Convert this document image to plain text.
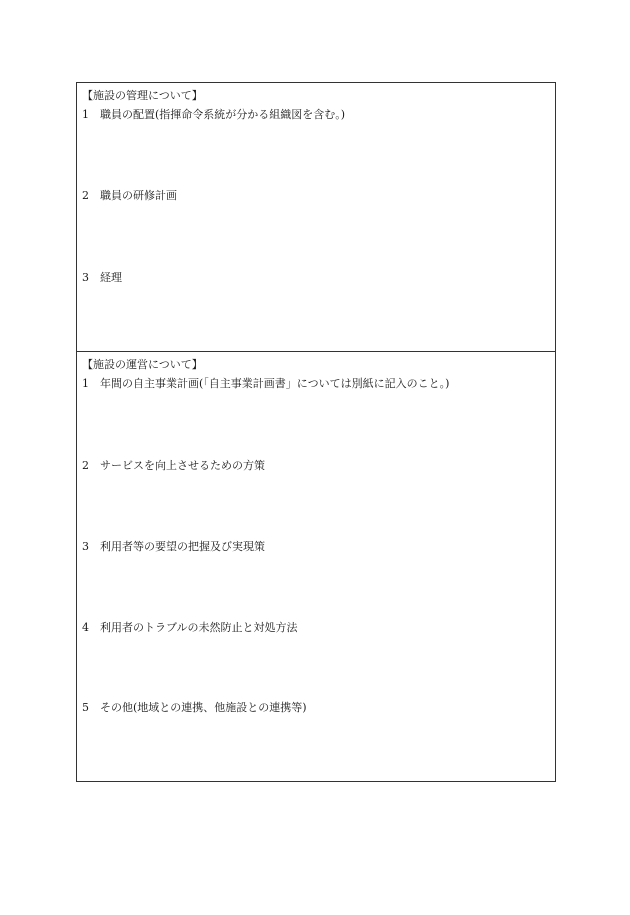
【施設の管理について】
1 職員の配置(指揮命令系統が分かる組織図を含む。)
2 職員の研修計画
3 経理
【施設の運営について】
1 年間の自主事業計画(「自主事業計画書」については別紙に記入のこと。)
2 サービスを向上させるための方策
3 利用者等の要望の把握及び実現策
4 利用者のトラブルの未然防止と対処方法
5 その他(地域との連携、他施設との連携等)
